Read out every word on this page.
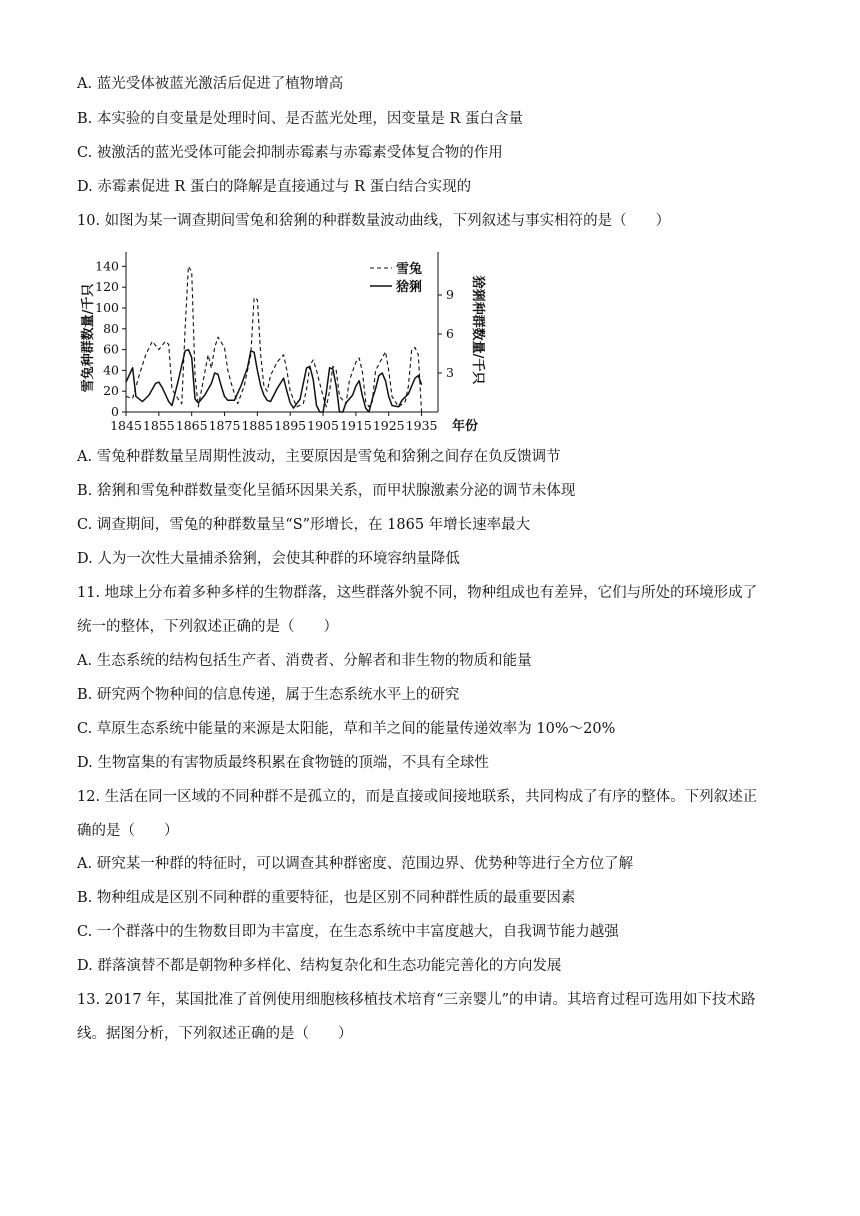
A. 蓝光受体被蓝光激活后促进了植物增高
B. 本实验的自变量是处理时间、是否蓝光处理，因变量是 R 蛋白含量
C. 被激活的蓝光受体可能会抑制赤霉素与赤霉素受体复合物的作用
D. 赤霉素促进 R 蛋白的降解是直接通过与 R 蛋白结合实现的
10. 如图为某一调查期间雪兔和猞猁的种群数量波动曲线，下列叙述与事实相符的是（　　）
0
20
40
60
80
100
120
140
3
6
9
1845 1855 1865 1875 1885 1895 1905 1915 1925 1935 年份
雪兔种群数量/千只	猞猁种群数量/千只
雪兔
猞猁
A. 雪兔种群数量呈周期性波动，主要原因是雪兔和猞猁之间存在负反馈调节
B. 猞猁和雪兔种群数量变化呈循环因果关系，而甲状腺激素分泌的调节未体现
C. 调查期间，雪兔的种群数量呈“S”形增长，在 1865 年增长速率最大
D. 人为一次性大量捕杀猞猁，会使其种群的环境容纳量降低
11. 地球上分布着多种多样的生物群落，这些群落外貌不同，物种组成也有差异，它们与所处的环境形成了
统一的整体，下列叙述正确的是（　　）
A. 生态系统的结构包括生产者、消费者、分解者和非生物的物质和能量
B. 研究两个物种间的信息传递，属于生态系统水平上的研究
C. 草原生态系统中能量的来源是太阳能，草和羊之间的能量传递效率为 10%～20%
D. 生物富集的有害物质最终积累在食物链的顶端，不具有全球性
12. 生活在同一区域的不同种群不是孤立的，而是直接或间接地联系，共同构成了有序的整体。下列叙述正
确的是（　　）
A. 研究某一种群的特征时，可以调查其种群密度、范围边界、优势种等进行全方位了解
B. 物种组成是区别不同种群的重要特征，也是区别不同种群性质的最重要因素
C. 一个群落中的生物数目即为丰富度，在生态系统中丰富度越大，自我调节能力越强
D. 群落演替不都是朝物种多样化、结构复杂化和生态功能完善化的方向发展
13. 2017 年，某国批准了首例使用细胞核移植技术培育“三亲婴儿”的申请。其培育过程可选用如下技术路
线。据图分析，下列叙述正确的是（　　）
